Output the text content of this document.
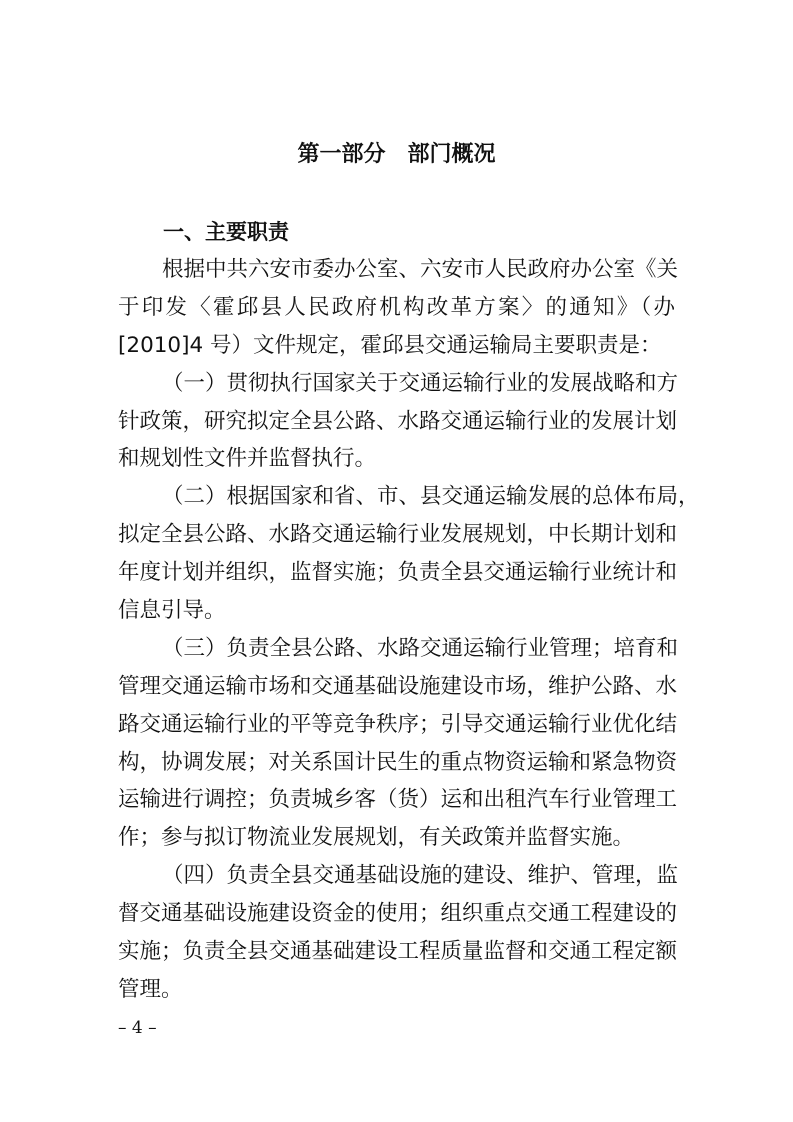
第一部分　部门概况
一、主要职责
根据中共六安市委办公室、六安市人民政府办公室《关
于印发〈霍邱县人民政府机构改革方案〉的通知》（办
[2010]4 号）文件规定，霍邱县交通运输局主要职责是：
（一）贯彻执行国家关于交通运输行业的发展战略和方
针政策，研究拟定全县公路、水路交通运输行业的发展计划
和规划性文件并监督执行。
（二）根据国家和省、市、县交通运输发展的总体布局，
拟定全县公路、水路交通运输行业发展规划，中长期计划和
年度计划并组织，监督实施；负责全县交通运输行业统计和
信息引导。
（三）负责全县公路、水路交通运输行业管理；培育和
管理交通运输市场和交通基础设施建设市场，维护公路、水
路交通运输行业的平等竞争秩序；引导交通运输行业优化结
构，协调发展；对关系国计民生的重点物资运输和紧急物资
运输进行调控；负责城乡客（货）运和出租汽车行业管理工
作；参与拟订物流业发展规划，有关政策并监督实施。
（四）负责全县交通基础设施的建设、维护、管理，监
督交通基础设施建设资金的使用；组织重点交通工程建设的
实施；负责全县交通基础建设工程质量监督和交通工程定额
管理。
– 4 –
